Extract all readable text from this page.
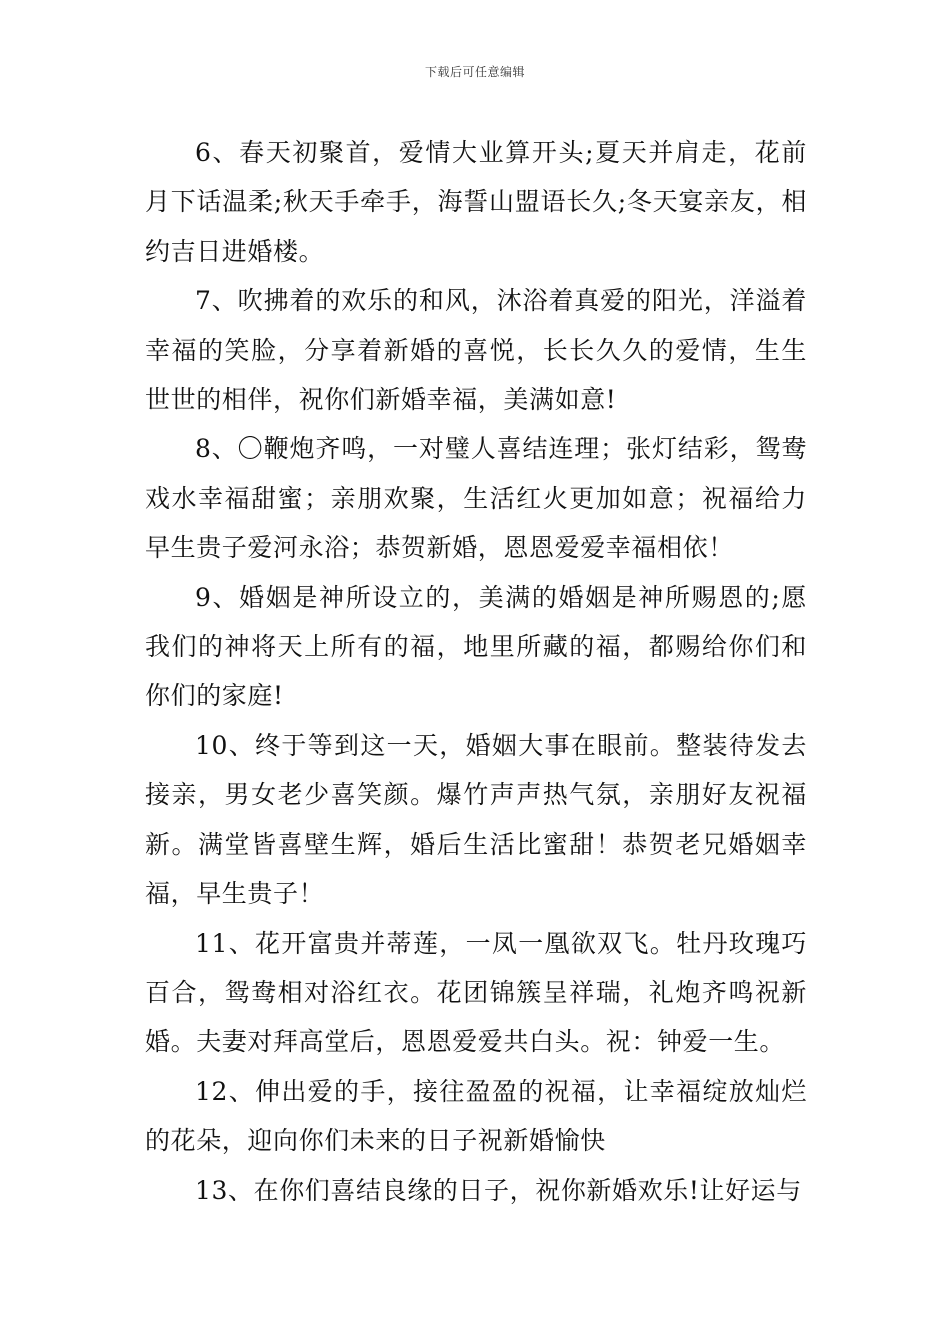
下载后可任意编辑

6、春天初聚首，爱情大业算开头;夏天并肩走，花前月下话温柔;秋天手牵手，海誓山盟语长久;冬天宴亲友，相约吉日进婚楼。

7、吹拂着的欢乐的和风，沐浴着真爱的阳光，洋溢着幸福的笑脸，分享着新婚的喜悦，长长久久的爱情，生生世世的相伴，祝你们新婚幸福，美满如意!

8、〇鞭炮齐鸣，一对璧人喜结连理；张灯结彩，鸳鸯戏水幸福甜蜜；亲朋欢聚，生活红火更加如意；祝福给力早生贵子爱河永浴；恭贺新婚，恩恩爱爱幸福相依！

9、婚姻是神所设立的，美满的婚姻是神所赐恩的;愿我们的神将天上所有的福，地里所藏的福，都赐给你们和你们的家庭!

10、终于等到这一天，婚姻大事在眼前。整装待发去接亲，男女老少喜笑颜。爆竹声声热气氛，亲朋好友祝福新。满堂皆喜壁生辉，婚后生活比蜜甜！恭贺老兄婚姻幸福，早生贵子！

11、花开富贵并蒂莲，一凤一凰欲双飞。牡丹玫瑰巧百合，鸳鸯相对浴红衣。花团锦簇呈祥瑞，礼炮齐鸣祝新婚。夫妻对拜高堂后，恩恩爱爱共白头。祝：钟爱一生。

12、伸出爱的手，接往盈盈的祝福，让幸福绽放灿烂的花朵，迎向你们未来的日子祝新婚愉快

13、在你们喜结良缘的日子，祝你新婚欢乐!让好运与
